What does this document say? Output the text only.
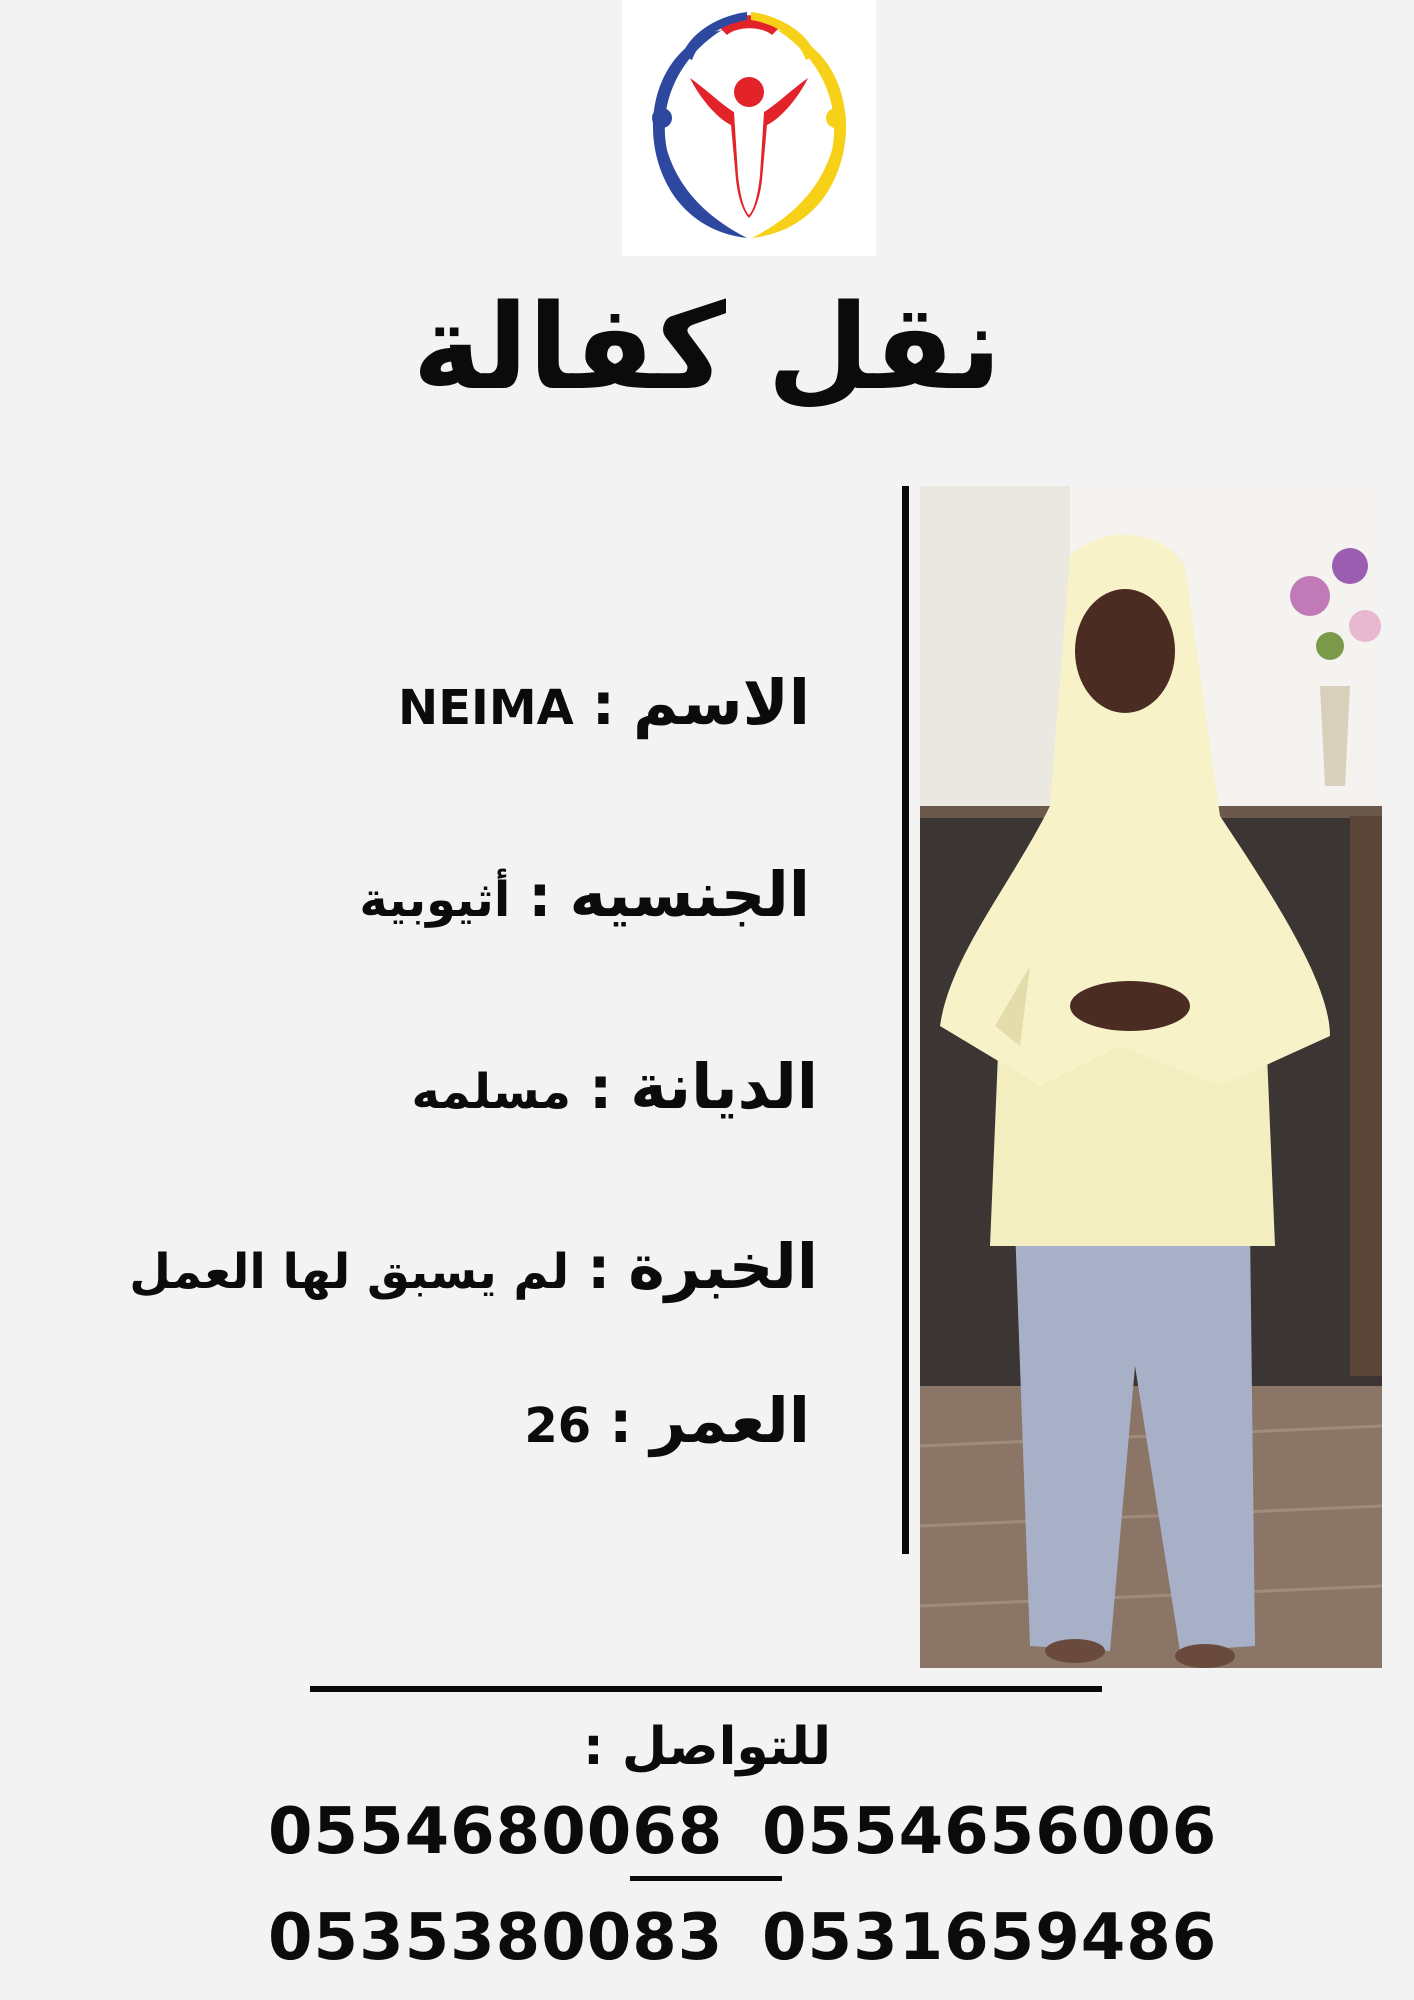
نقل كفالة
الاسم:NEIMA
الجنسيه:أثيوبية
الديانة:مسلمه
الخبرة:لم يسبق لها العمل
العمر:26
للتواصل :
0554680068 0554656006
0535380083 0531659486
